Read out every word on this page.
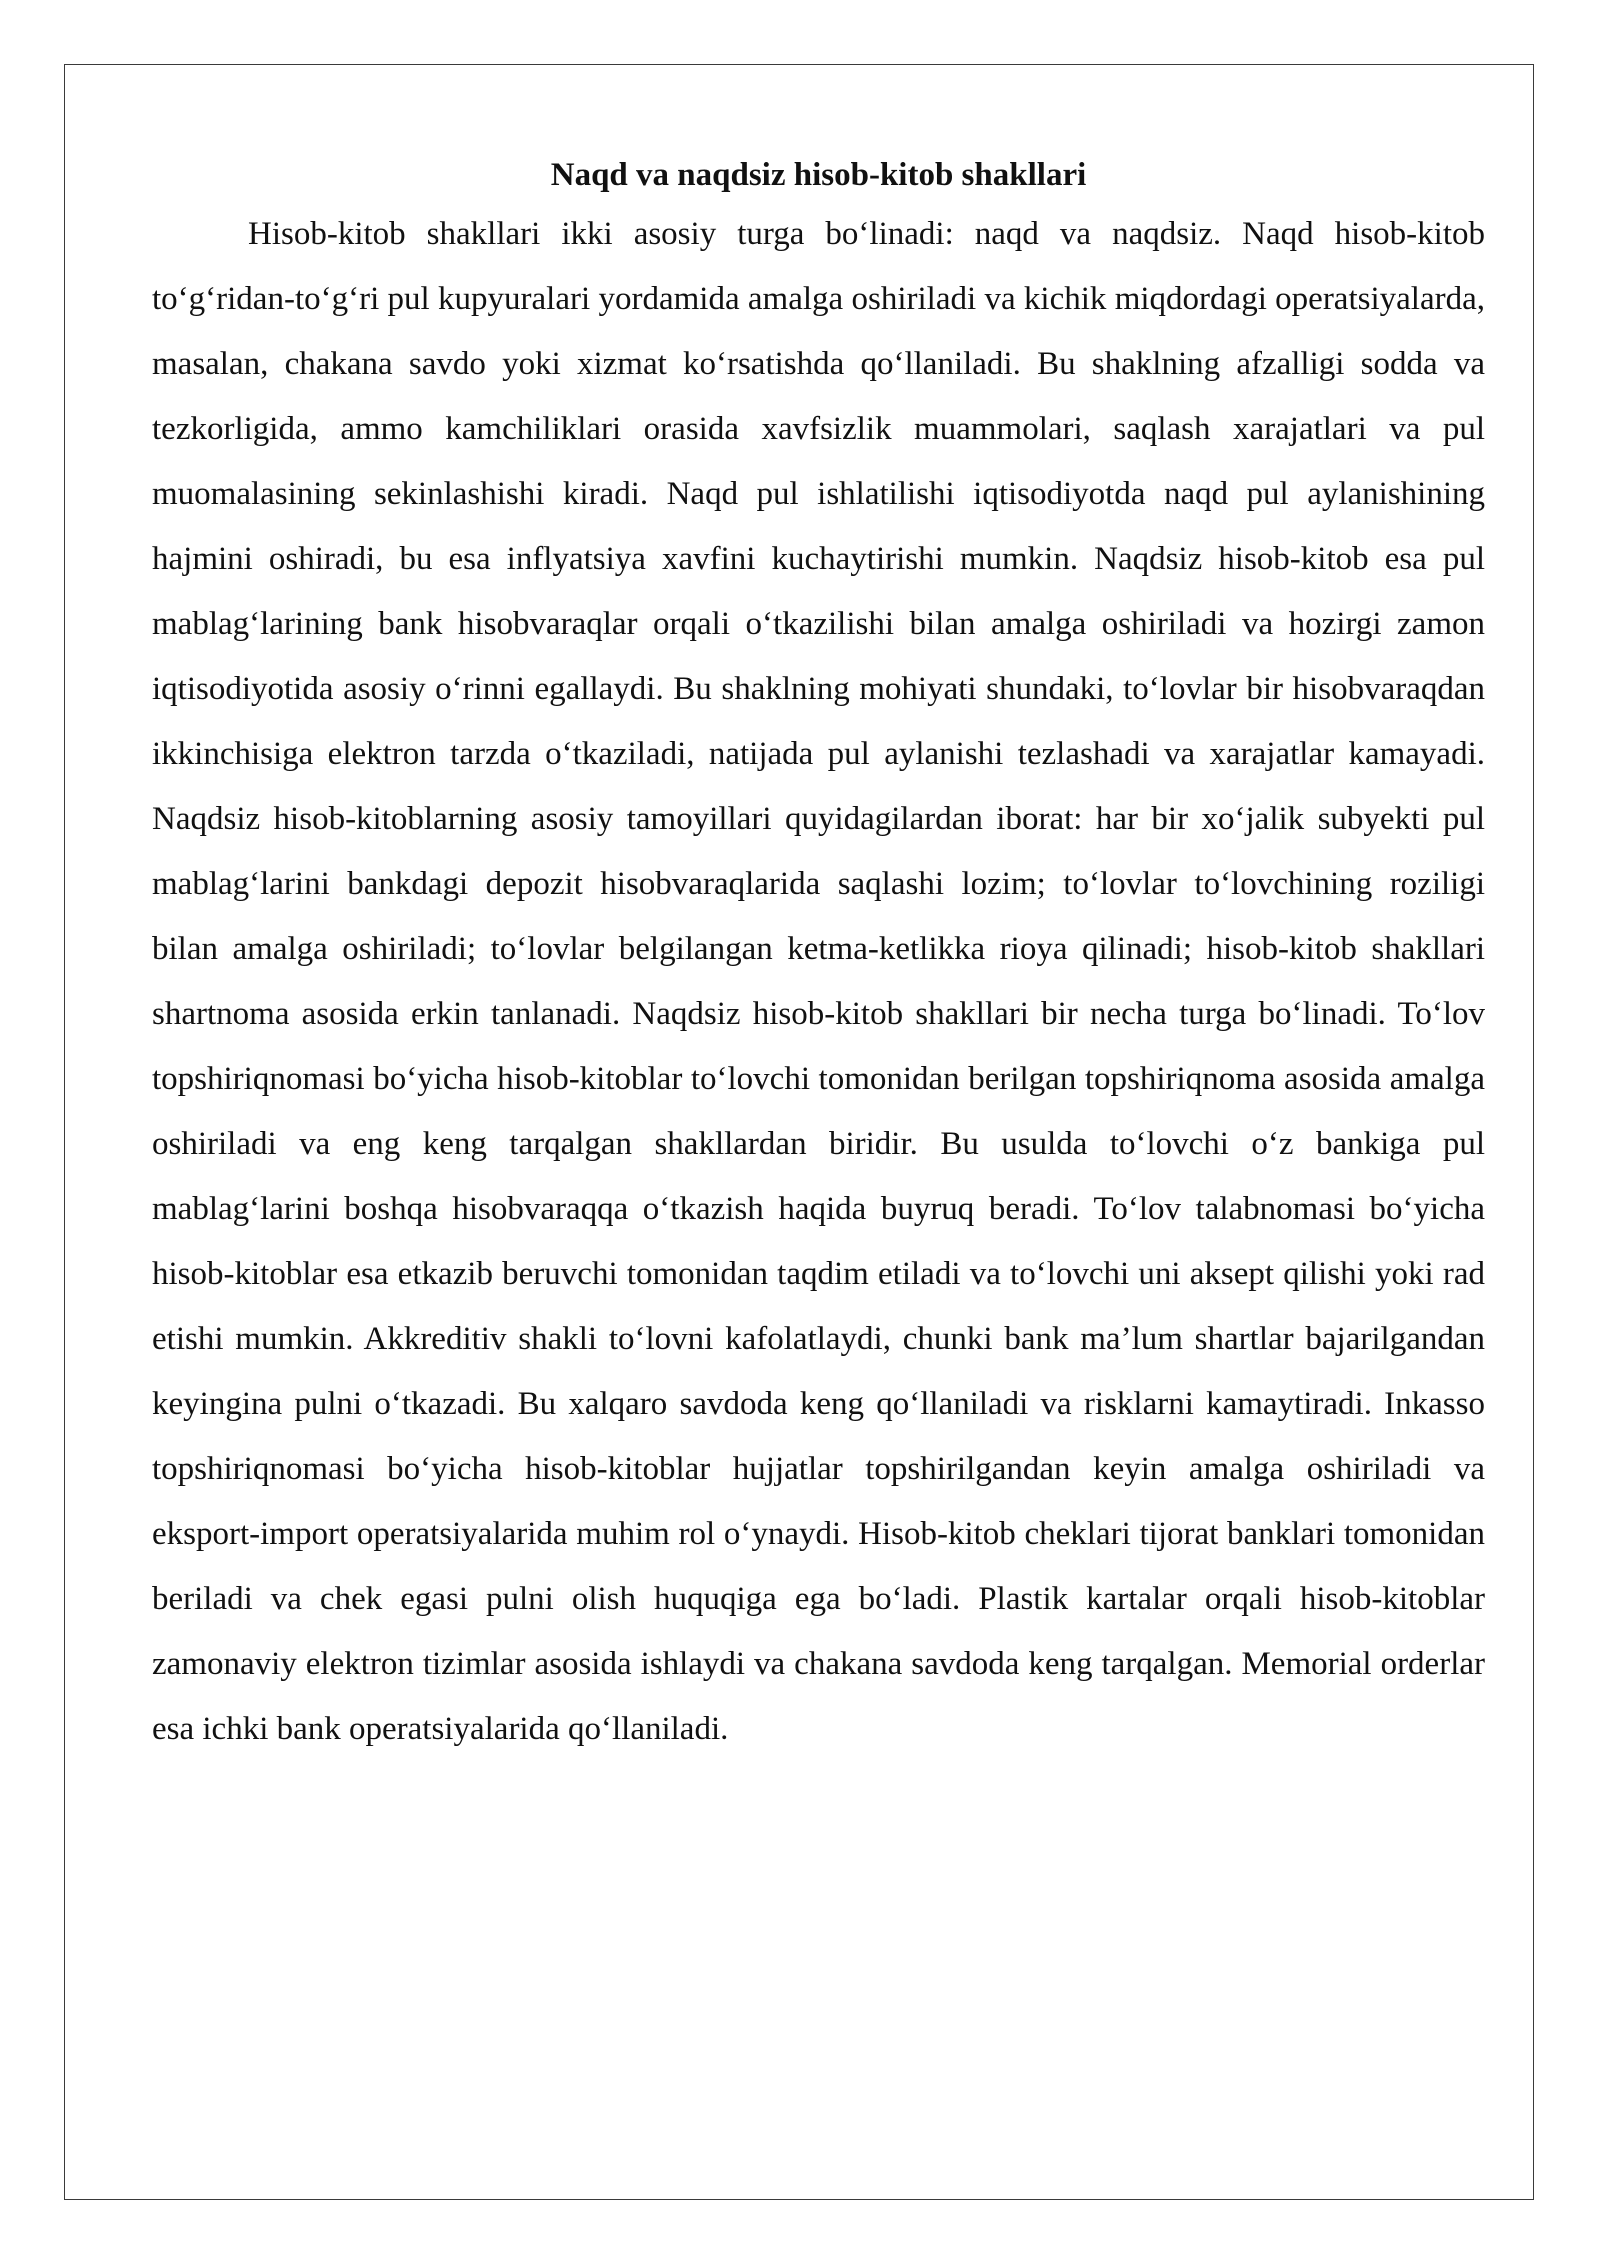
Naqd va naqdsiz hisob-kitob shakllari

Hisob-kitob shakllari ikki asosiy turga bo‘linadi: naqd va naqdsiz. Naqd hisob-kitob to‘g‘ridan-to‘g‘ri pul kupyuralari yordamida amalga oshiriladi va kichik miqdordagi operatsiyalarda, masalan, chakana savdo yoki xizmat ko‘rsatishda qo‘llaniladi. Bu shaklning afzalligi sodda va tezkorligida, ammo kamchiliklari orasida xavfsizlik muammolari, saqlash xarajatlari va pul muomalasining sekinlashishi kiradi. Naqd pul ishlatilishi iqtisodiyotda naqd pul aylanishining hajmini oshiradi, bu esa inflyatsiya xavfini kuchaytirishi mumkin. Naqdsiz hisob-kitob esa pul mablag‘larining bank hisobvaraqlar orqali o‘tkazilishi bilan amalga oshiriladi va hozirgi zamon iqtisodiyotida asosiy o‘rinni egallaydi. Bu shaklning mohiyati shundaki, to‘lovlar bir hisobvaraqdan ikkinchisiga elektron tarzda o‘tkaziladi, natijada pul aylanishi tezlashadi va xarajatlar kamayadi. Naqdsiz hisob-kitoblarning asosiy tamoyillari quyidagilardan iborat: har bir xo‘jalik subyekti pul mablag‘larini bankdagi depozit hisobvaraqlarida saqlashi lozim; to‘lovlar to‘lovchining roziligi bilan amalga oshiriladi; to‘lovlar belgilangan ketma-ketlikka rioya qilinadi; hisob-kitob shakllari shartnoma asosida erkin tanlanadi. Naqdsiz hisob-kitob shakllari bir necha turga bo‘linadi. To‘lov topshiriqnomasi bo‘yicha hisob-kitoblar to‘lovchi tomonidan berilgan topshiriqnoma asosida amalga oshiriladi va eng keng tarqalgan shakllardan biridir. Bu usulda to‘lovchi o‘z bankiga pul mablag‘larini boshqa hisobvaraqqa o‘tkazish haqida buyruq beradi. To‘lov talabnomasi bo‘yicha hisob-kitoblar esa etkazib beruvchi tomonidan taqdim etiladi va to‘lovchi uni aksept qilishi yoki rad etishi mumkin. Akkreditiv shakli to‘lovni kafolatlaydi, chunki bank ma’lum shartlar bajarilgandan keyingina pulni o‘tkazadi. Bu xalqaro savdoda keng qo‘llaniladi va risklarni kamaytiradi. Inkasso topshiriqnomasi bo‘yicha hisob-kitoblar hujjatlar topshirilgandan keyin amalga oshiriladi va eksport-import operatsiyalarida muhim rol o‘ynaydi. Hisob-kitob cheklari tijorat banklari tomonidan beriladi va chek egasi pulni olish huquqiga ega bo‘ladi. Plastik kartalar orqali hisob-kitoblar zamonaviy elektron tizimlar asosida ishlaydi va chakana savdoda keng tarqalgan. Memorial orderlar esa ichki bank operatsiyalarida qo‘llaniladi.
